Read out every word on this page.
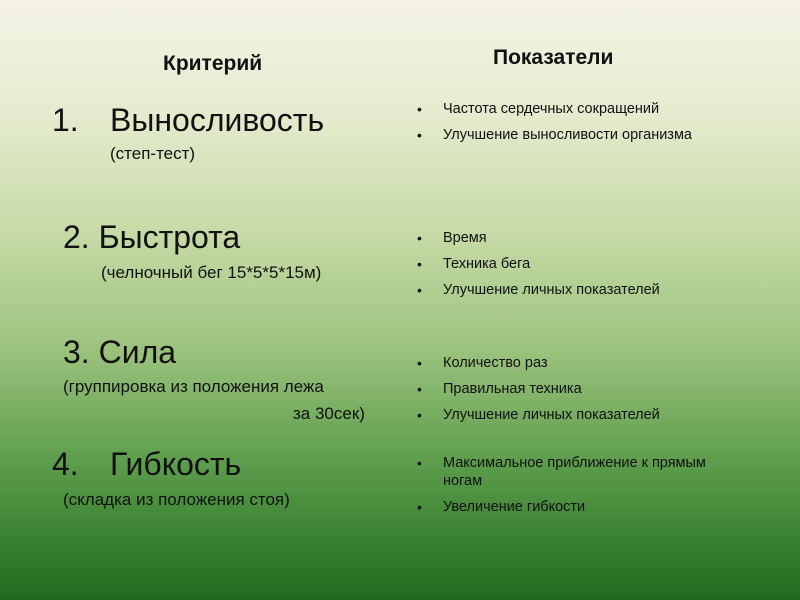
Критерий	Показатели
1. Выносливость
(степ-тест)
• Частота сердечных сокращений
• Улучшение выносливости организма
2. Быстрота
(челночный бег 15*5*5*15м)
• Время
• Техника бега
• Улучшение личных показателей
3. Сила
(группировка из положения лежа
за 30сек)
• Количество раз
• Правильная техника
• Улучшение личных показателей
4. Гибкость
(складка из положения стоя)
• Максимальное приближение к прямым ногам
• Увеличение гибкости
